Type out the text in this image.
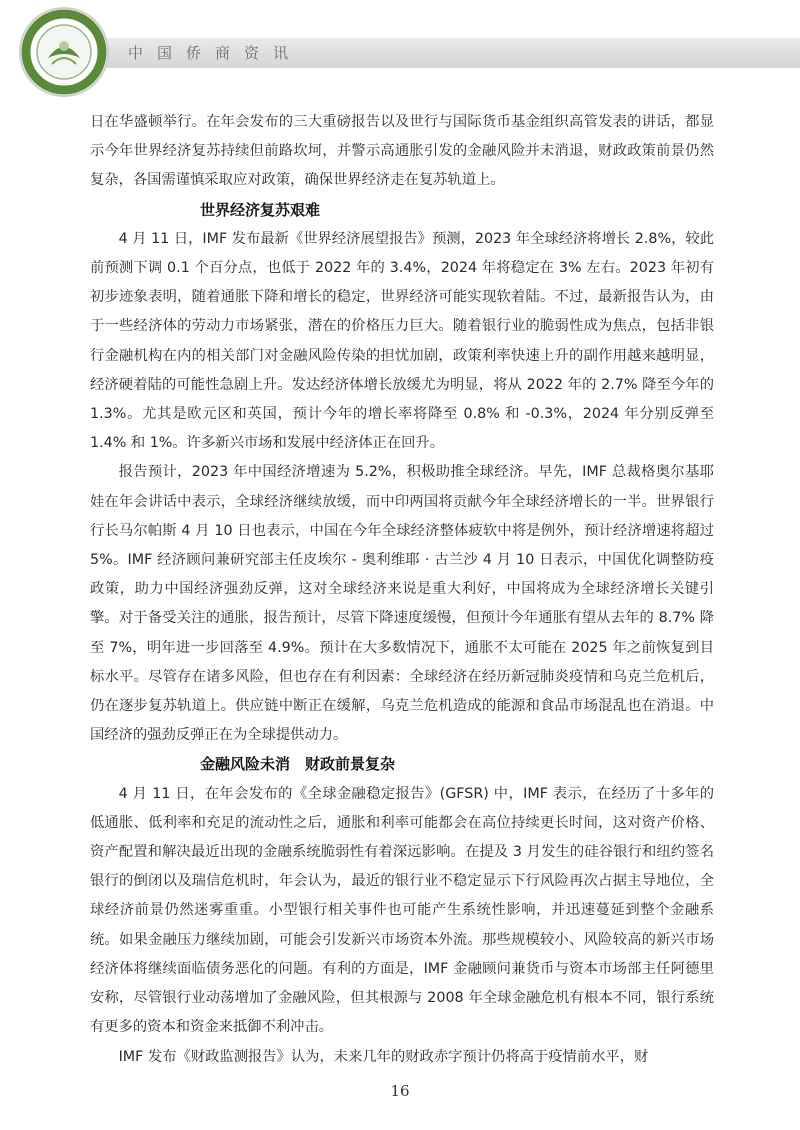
中国侨商资讯

日在华盛顿举行。在年会发布的三大重磅报告以及世行与国际货币基金组织高管发表的讲话，都显示今年世界经济复苏持续但前路坎坷，并警示高通胀引发的金融风险并未消退，财政政策前景仍然复杂，各国需谨慎采取应对政策，确保世界经济走在复苏轨道上。

世界经济复苏艰难

4 月 11 日，IMF 发布最新《世界经济展望报告》预测，2023 年全球经济将增长 2.8%，较此前预测下调 0.1 个百分点，也低于 2022 年的 3.4%，2024 年将稳定在 3% 左右。2023 年初有初步迹象表明，随着通胀下降和增长的稳定，世界经济可能实现软着陆。不过，最新报告认为，由于一些经济体的劳动力市场紧张，潜在的价格压力巨大。随着银行业的脆弱性成为焦点，包括非银行金融机构在内的相关部门对金融风险传染的担忧加剧，政策利率快速上升的副作用越来越明显，经济硬着陆的可能性急剧上升。发达经济体增长放缓尤为明显，将从 2022 年的 2.7% 降至今年的 1.3%。尤其是欧元区和英国，预计今年的增长率将降至 0.8% 和 -0.3%，2024 年分别反弹至 1.4% 和 1%。许多新兴市场和发展中经济体正在回升。

报告预计，2023 年中国经济增速为 5.2%，积极助推全球经济。早先，IMF 总裁格奥尔基耶娃在年会讲话中表示，全球经济继续放缓，而中印两国将贡献今年全球经济增长的一半。世界银行行长马尔帕斯 4 月 10 日也表示，中国在今年全球经济整体疲软中将是例外，预计经济增速将超过 5%。IMF 经济顾问兼研究部主任皮埃尔 - 奥利维耶 · 古兰沙 4 月 10 日表示，中国优化调整防疫政策，助力中国经济强劲反弹，这对全球经济来说是重大利好，中国将成为全球经济增长关键引擎。对于备受关注的通胀，报告预计，尽管下降速度缓慢，但预计今年通胀有望从去年的 8.7% 降至 7%，明年进一步回落至 4.9%。预计在大多数情况下，通胀不太可能在 2025 年之前恢复到目标水平。尽管存在诸多风险，但也存在有利因素：全球经济在经历新冠肺炎疫情和乌克兰危机后，仍在逐步复苏轨道上。供应链中断正在缓解，乌克兰危机造成的能源和食品市场混乱也在消退。中国经济的强劲反弹正在为全球提供动力。

金融风险未消　财政前景复杂

4 月 11 日，在年会发布的《全球金融稳定报告》(GFSR) 中，IMF 表示，在经历了十多年的低通胀、低利率和充足的流动性之后，通胀和利率可能都会在高位持续更长时间，这对资产价格、资产配置和解决最近出现的金融系统脆弱性有着深远影响。在提及 3 月发生的硅谷银行和纽约签名银行的倒闭以及瑞信危机时，年会认为，最近的银行业不稳定显示下行风险再次占据主导地位，全球经济前景仍然迷雾重重。小型银行相关事件也可能产生系统性影响，并迅速蔓延到整个金融系统。如果金融压力继续加剧，可能会引发新兴市场资本外流。那些规模较小、风险较高的新兴市场经济体将继续面临债务恶化的问题。有利的方面是，IMF 金融顾问兼货币与资本市场部主任阿德里安称，尽管银行业动荡增加了金融风险，但其根源与 2008 年全球金融危机有根本不同，银行系统有更多的资本和资金来抵御不利冲击。

IMF 发布《财政监测报告》认为，未来几年的财政赤字预计仍将高于疫情前水平，财

16
